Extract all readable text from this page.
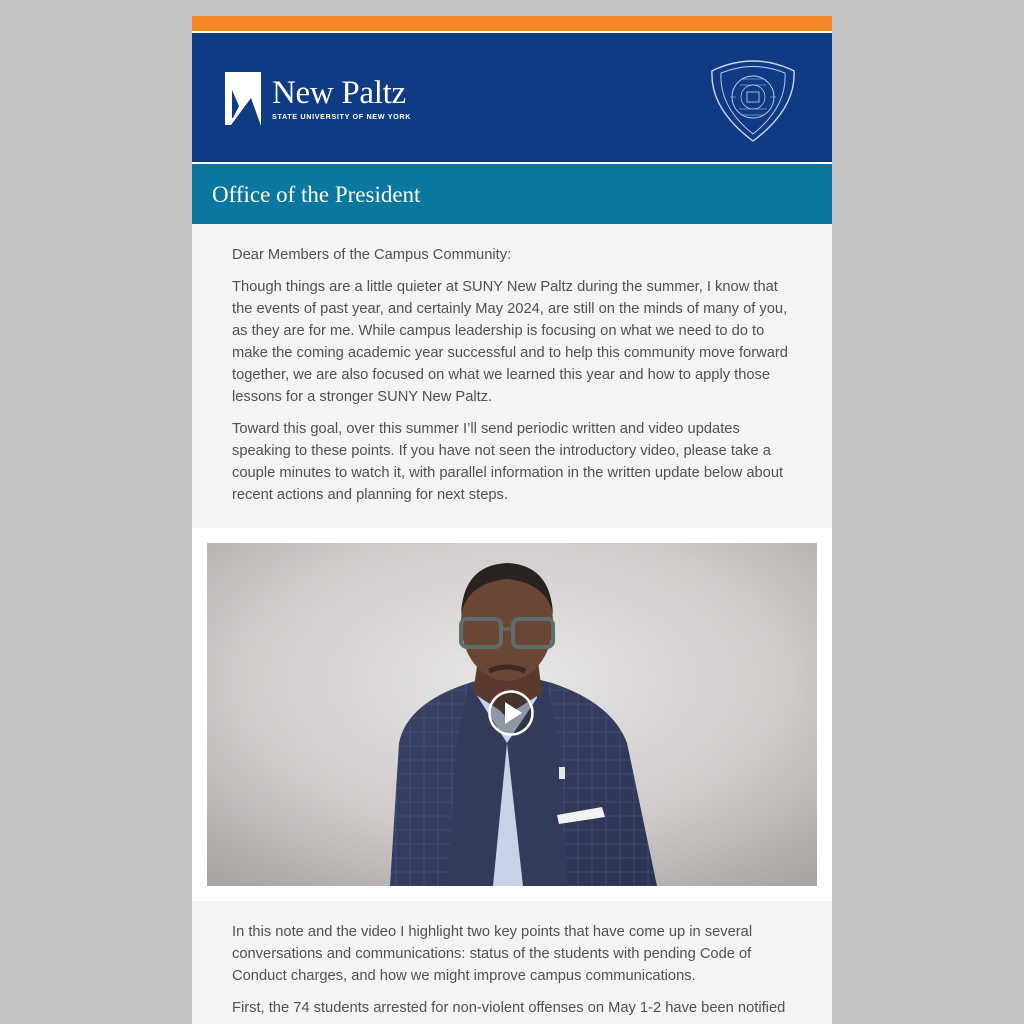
New Paltz
STATE UNIVERSITY OF NEW YORK
Office of the President

Dear Members of the Campus Community:

Though things are a little quieter at SUNY New Paltz during the summer, I know that the events of past year, and certainly May 2024, are still on the minds of many of you, as they are for me. While campus leadership is focusing on what we need to do to make the coming academic year successful and to help this community move forward together, we are also focused on what we learned this year and how to apply those lessons for a stronger SUNY New Paltz.

Toward this goal, over this summer I’ll send periodic written and video updates speaking to these points. If you have not seen the introductory video, please take a couple minutes to watch it, with parallel information in the written update below about recent actions and planning for next steps.

In this note and the video I highlight two key points that have come up in several conversations and communications: status of the students with pending Code of Conduct charges, and how we might improve campus communications.

First, the 74 students arrested for non-violent offenses on May 1-2 have been notified
